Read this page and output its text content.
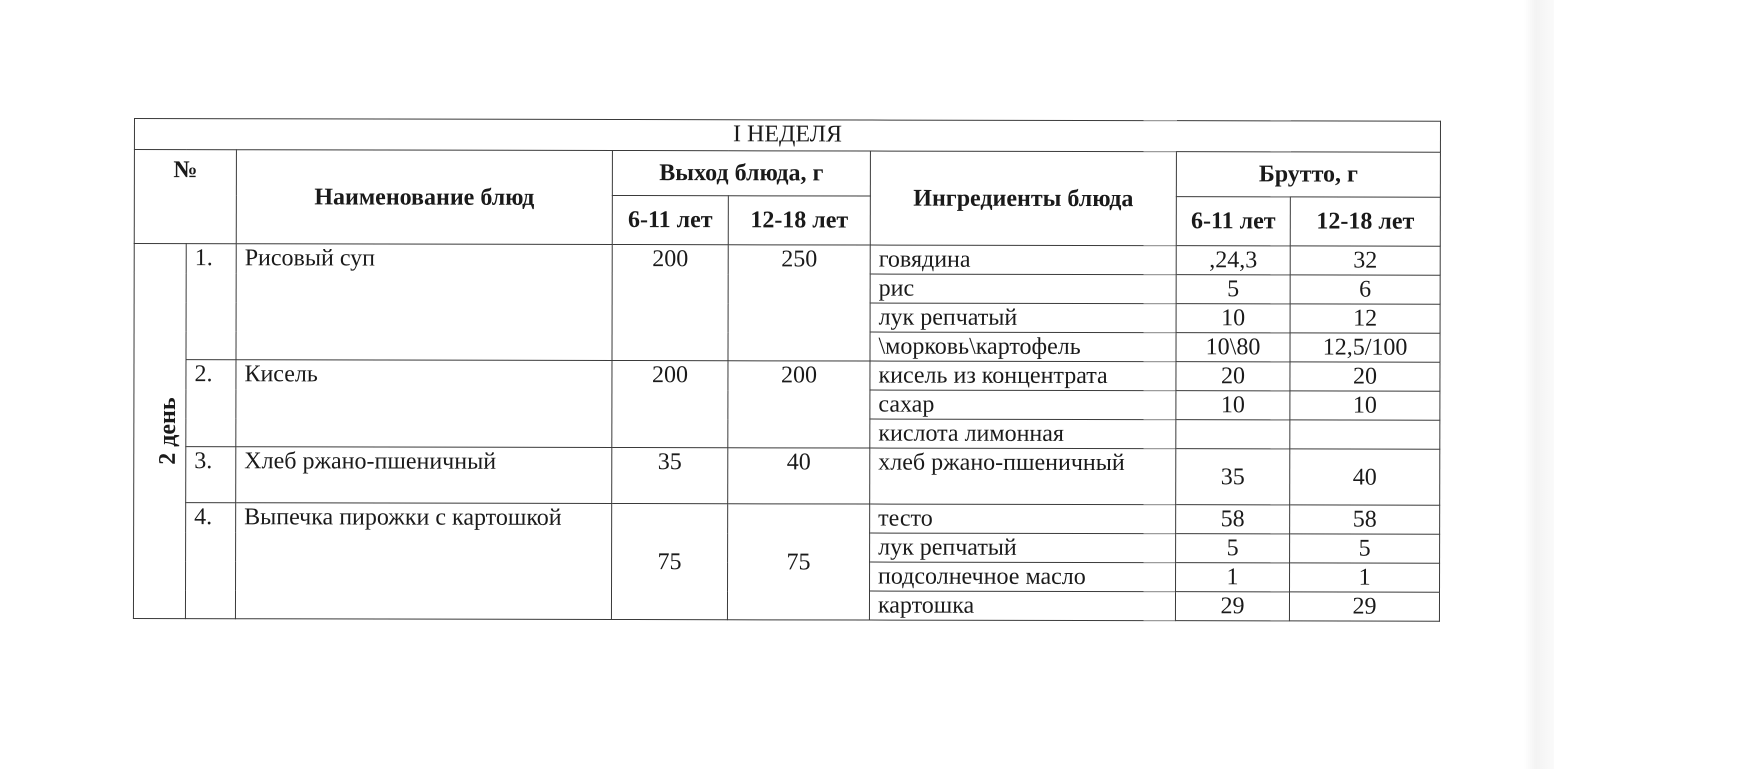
I НЕДЕЛЯ							
№		Наименование блюд	Выход блюда, г		Ингредиенты блюда	Брутто, г	
			6-11 лет	12-18 лет		6-11 лет	12-18 лет
2 день	1.	Рисовый суп	200	250	говядина	,24,3	32
					рис	5	6
					лук репчатый	10	12
					\морковь\картофель	10\80	12,5/100
	2.	Кисель	200	200	кисель из концентрата	20	20
					сахар	10	10
					кислота лимонная		
	3.	Хлеб ржано-пшеничный	35	40	хлеб ржано-пшеничный	35	40
	4.	Выпечка пирожки с картошкой	75	75	тесто	58	58
					лук репчатый	5	5
					подсолнечное масло	1	1
					картошка	29	29
